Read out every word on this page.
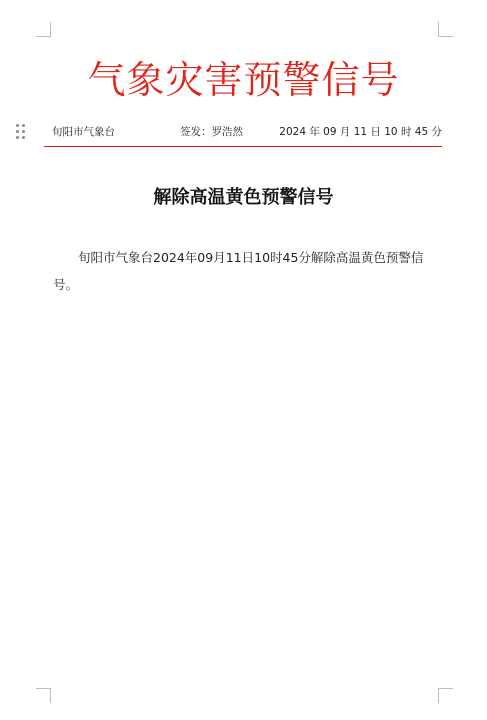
气象灾害预警信号
旬阳市气象台	签发：罗浩然	2024 年 09 月 11 日 10 时 45 分
解除高温黄色预警信号

旬阳市气象台2024年09月11日10时45分解除高温黄色预警信号。
